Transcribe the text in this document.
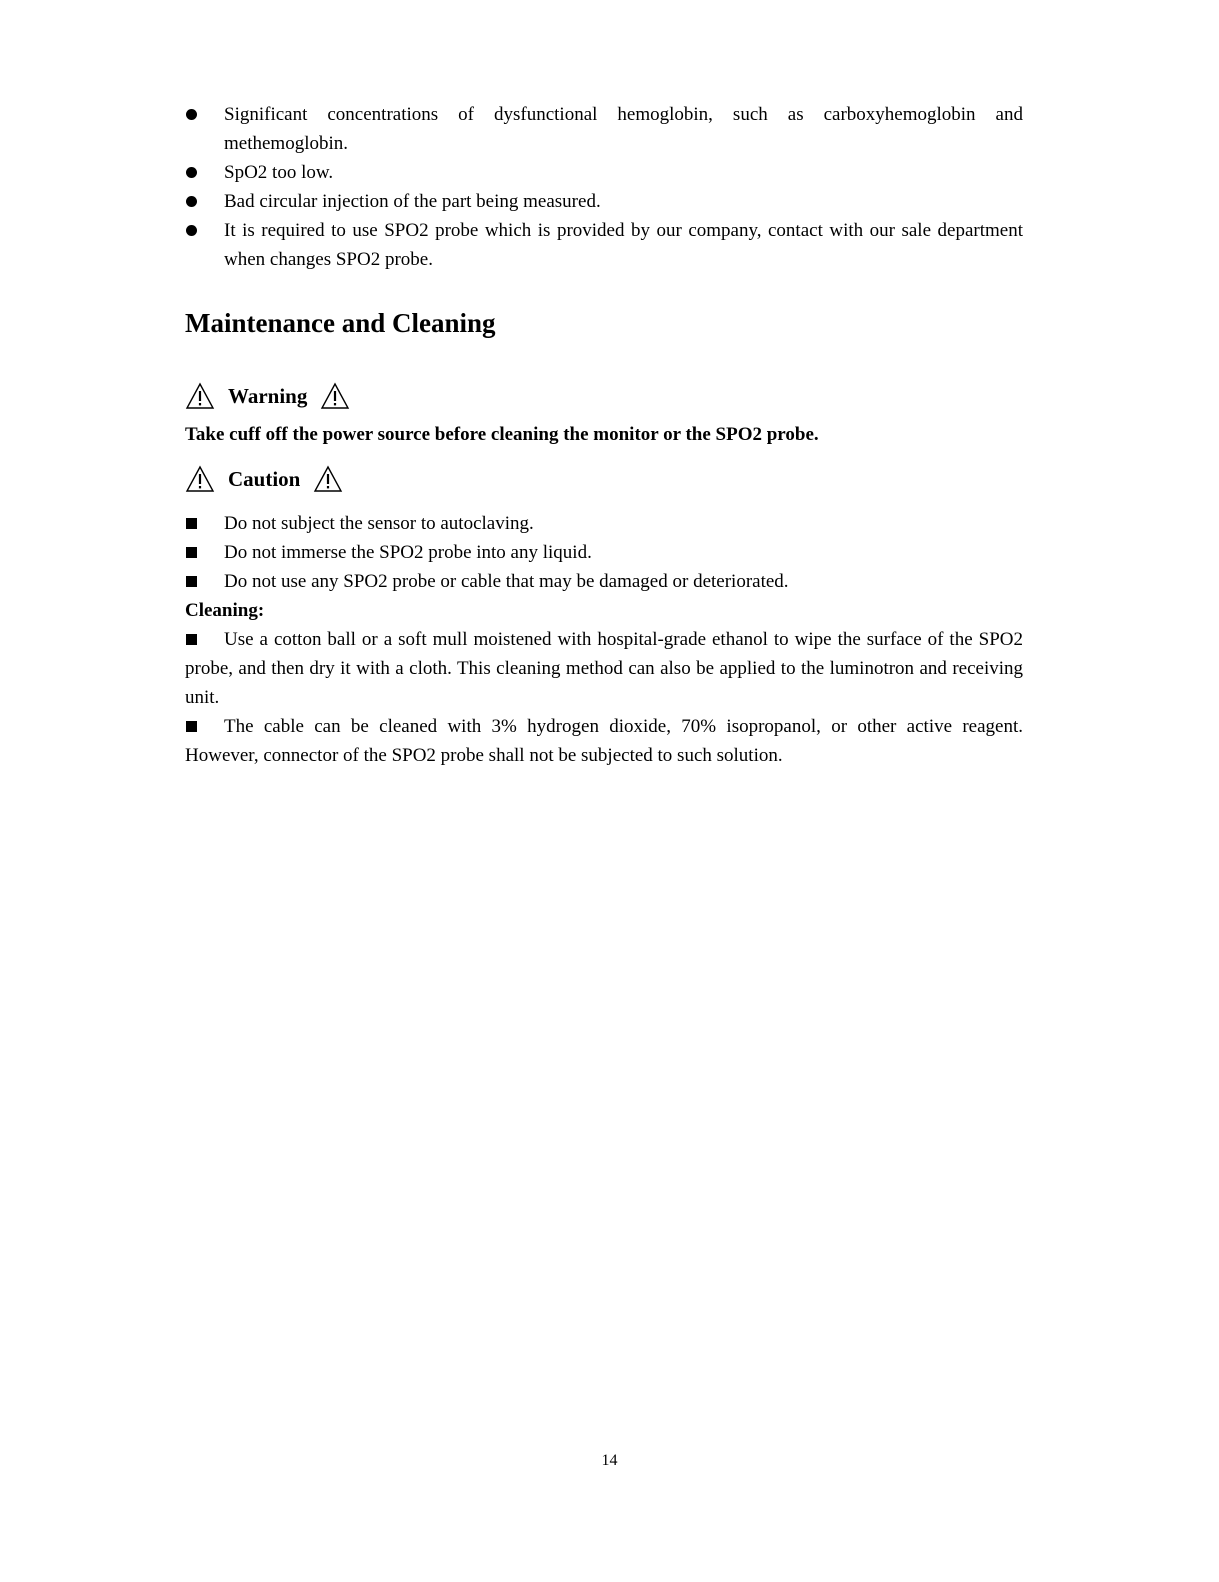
Significant concentrations of dysfunctional hemoglobin, such as carboxyhemoglobin and methemoglobin.
SpO2 too low.
Bad circular injection of the part being measured.
It is required to use SPO2 probe which is provided by our company, contact with our sale department when changes SPO2 probe.
Maintenance and Cleaning
Warning
Take cuff off the power source before cleaning the monitor or the SPO2 probe.
Caution
Do not subject the sensor to autoclaving.
Do not immerse the SPO2 probe into any liquid.
Do not use any SPO2 probe or cable that may be damaged or deteriorated.
Cleaning:
Use a cotton ball or a soft mull moistened with hospital-grade ethanol to wipe the surface of the SPO2 probe, and then dry it with a cloth. This cleaning method can also be applied to the luminotron and receiving unit.
The cable can be cleaned with 3% hydrogen dioxide, 70% isopropanol, or other active reagent. However, connector of the SPO2 probe shall not be subjected to such solution.
14
